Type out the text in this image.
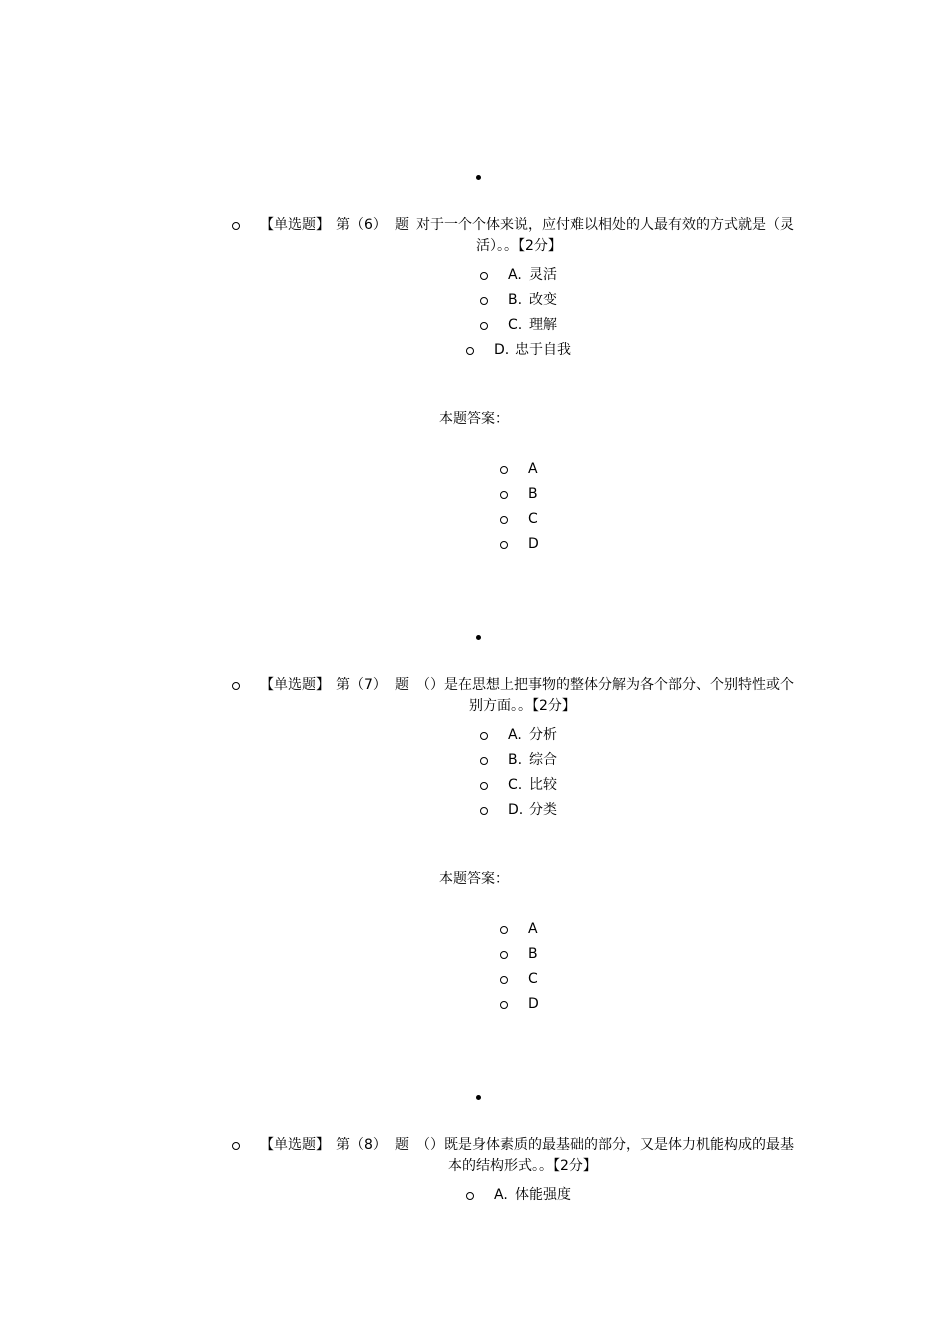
【单选题】 第（6） 题 对于一个个体来说，应付难以相处的人最有效的方式就是（灵
活）。。【2分】
A. 灵活
B. 改变
C. 理解
D. 忠于自我
本题答案：
A
B
C
D
【单选题】 第（7） 题 （）是在思想上把事物的整体分解为各个部分、个别特性或个
别方面。。【2分】
A. 分析
B. 综合
C. 比较
D. 分类
本题答案：
A
B
C
D
【单选题】 第（8） 题 （）既是身体素质的最基础的部分，又是体力机能构成的最基
本的结构形式。。【2分】
A. 体能强度
